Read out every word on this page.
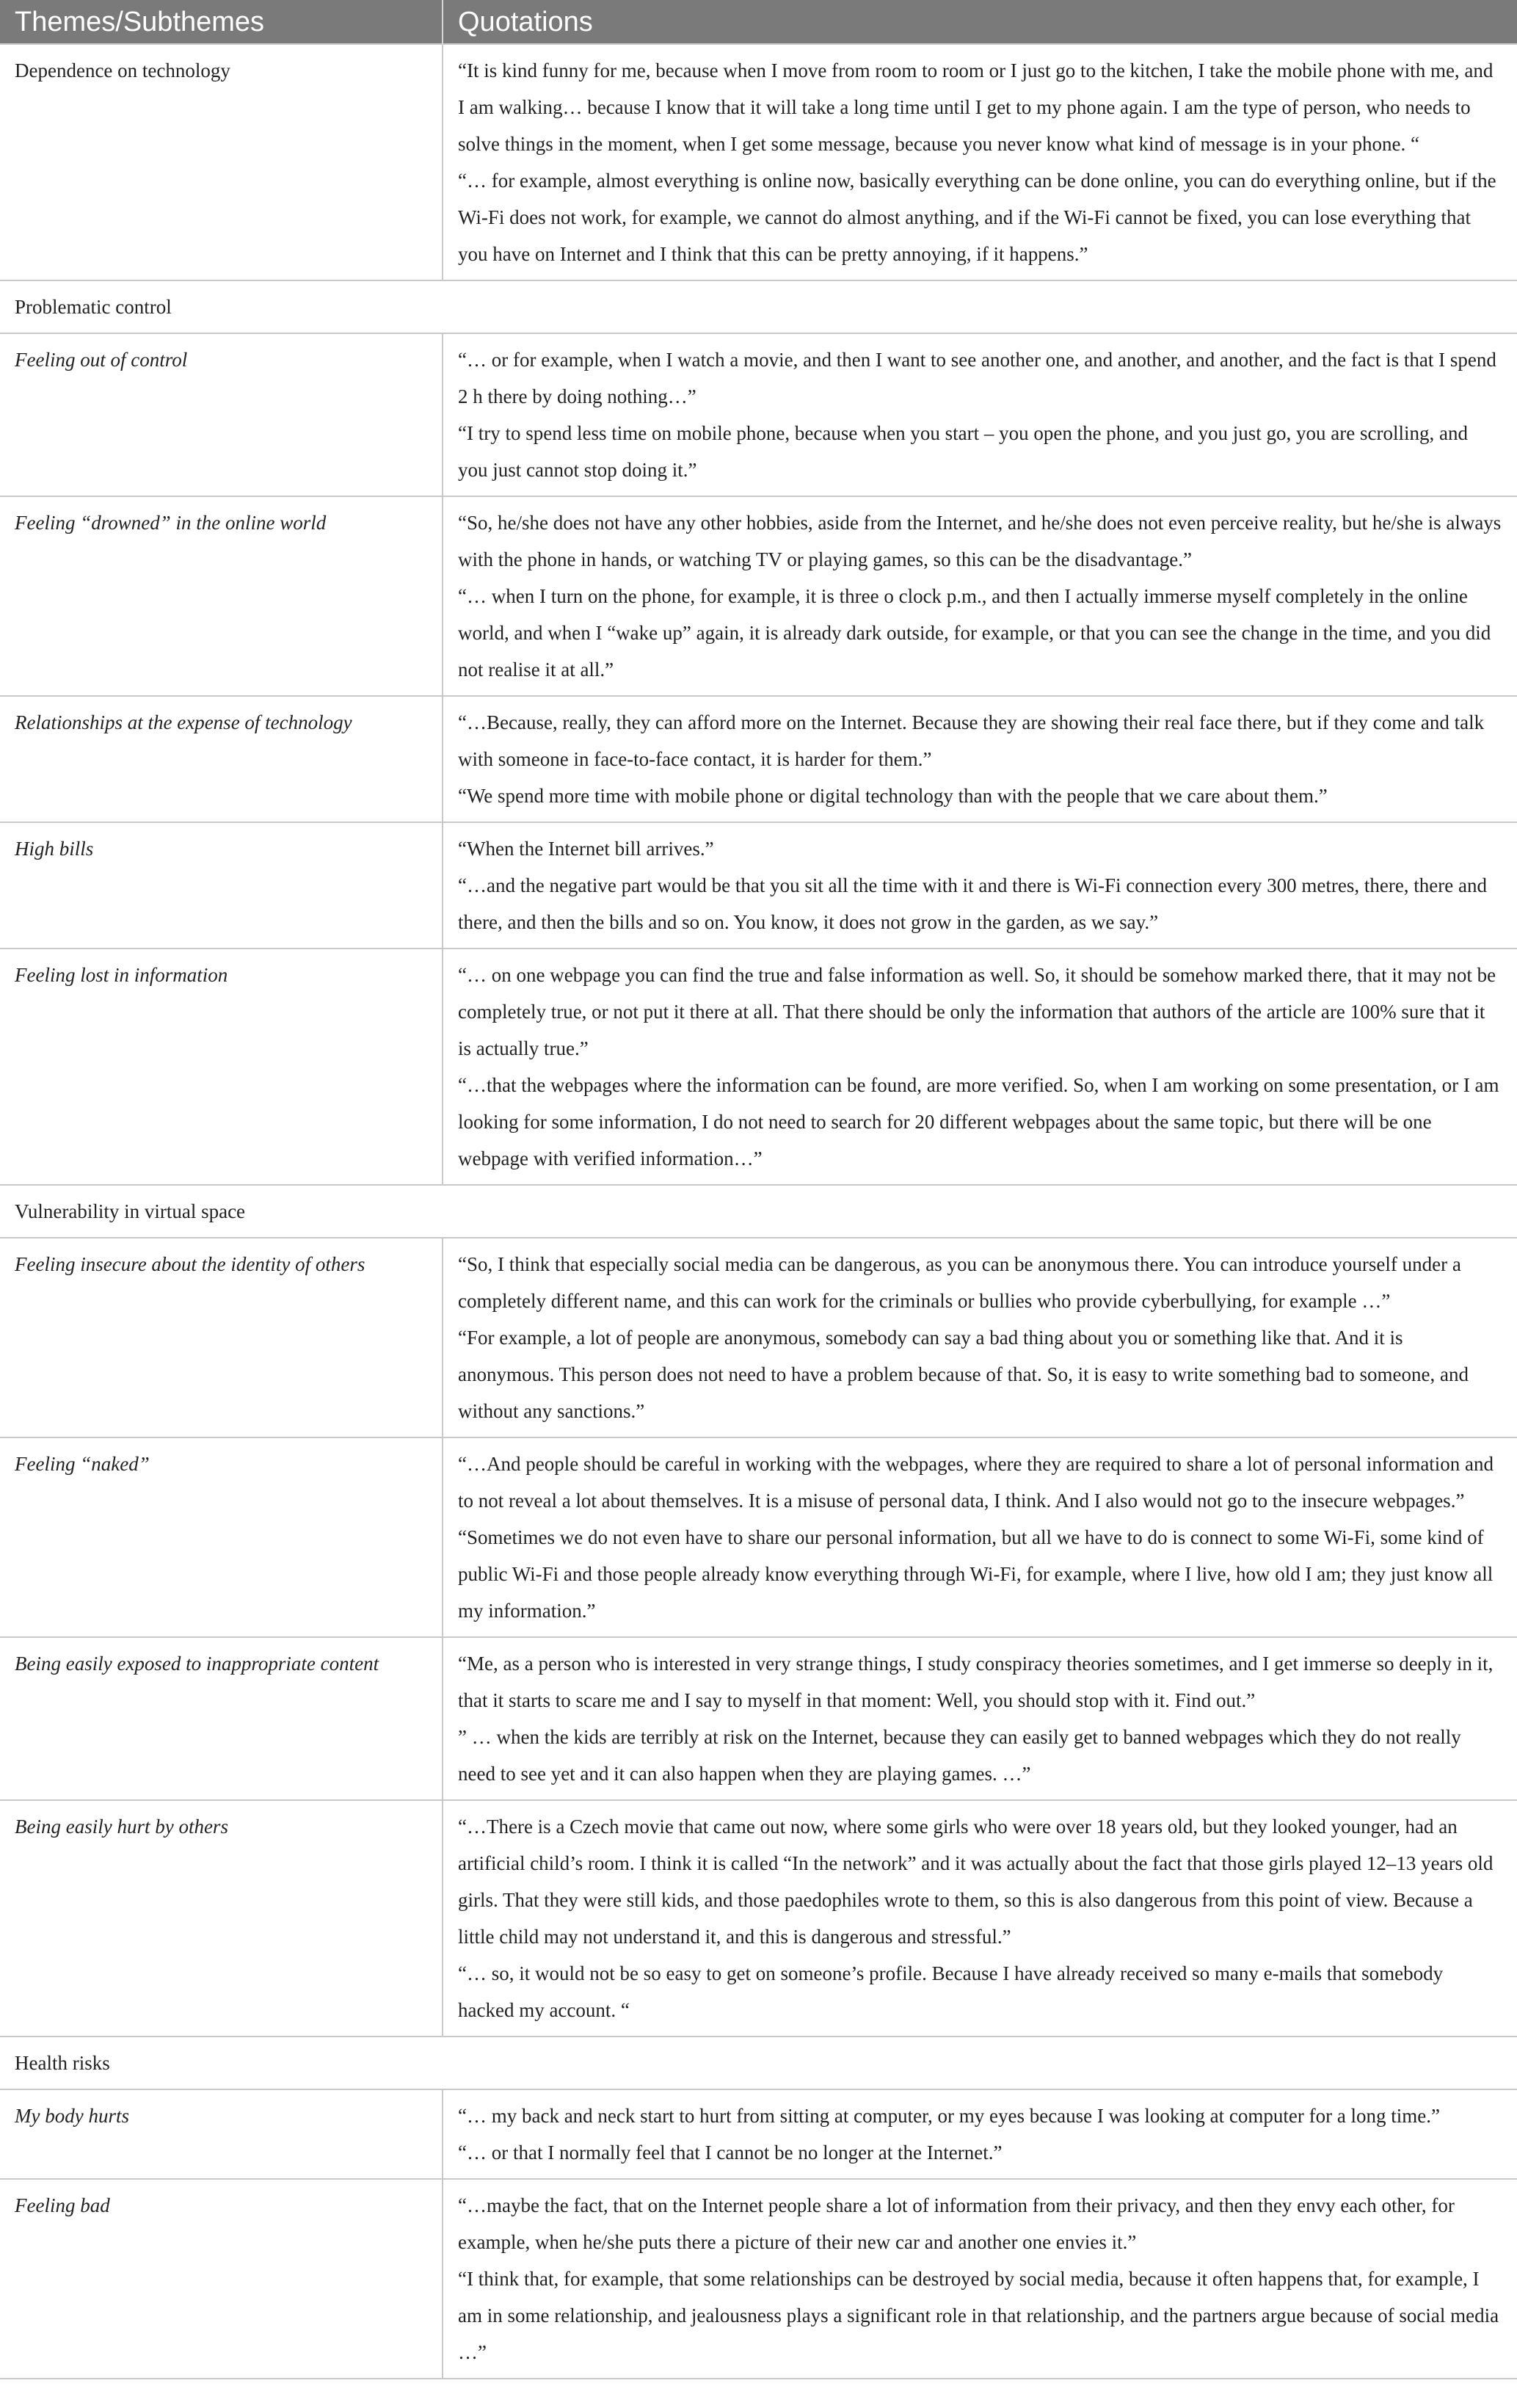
Themes/Subthemes	Quotations
Dependence on technology	“It is kind funny for me, because when I move from room to room or I just go to the kitchen, I take the mobile phone with me, and I am walking… because I know that it will take a long time until I get to my phone again. I am the type of person, who needs to solve things in the moment, when I get some message, because you never know what kind of message is in your phone. “
“… for example, almost everything is online now, basically everything can be done online, you can do everything online, but if the Wi-Fi does not work, for example, we cannot do almost anything, and if the Wi-Fi cannot be fixed, you can lose everything that you have on Internet and I think that this can be pretty annoying, if it happens.”

Problematic control	
Feeling out of control	“… or for example, when I watch a movie, and then I want to see another one, and another, and another, and the fact is that I spend 2 h there by doing nothing…”
“I try to spend less time on mobile phone, because when you start – you open the phone, and you just go, you are scrolling, and you just cannot stop doing it.”

Feeling “drowned” in the online world	“So, he/she does not have any other hobbies, aside from the Internet, and he/she does not even perceive reality, but he/she is always with the phone in hands, or watching TV or playing games, so this can be the disadvantage.”
“… when I turn on the phone, for example, it is three o clock p.m., and then I actually immerse myself completely in the online world, and when I “wake up” again, it is already dark outside, for example, or that you can see the change in the time, and you did not realise it at all.”

Relationships at the expense of technology	“…Because, really, they can afford more on the Internet. Because they are showing their real face there, but if they come and talk with someone in face-to-face contact, it is harder for them.”
“We spend more time with mobile phone or digital technology than with the people that we care about them.”

High bills	“When the Internet bill arrives.”
“…and the negative part would be that you sit all the time with it and there is Wi-Fi connection every 300 metres, there, there and there, and then the bills and so on. You know, it does not grow in the garden, as we say.”

Feeling lost in information	“… on one webpage you can find the true and false information as well. So, it should be somehow marked there, that it may not be completely true, or not put it there at all. That there should be only the information that authors of the article are 100% sure that it is actually true.”
“…that the webpages where the information can be found, are more verified. So, when I am working on some presentation, or I am looking for some information, I do not need to search for 20 different webpages about the same topic, but there will be one webpage with verified information…”

Vulnerability in virtual space	
Feeling insecure about the identity of others	“So, I think that especially social media can be dangerous, as you can be anonymous there. You can introduce yourself under a completely different name, and this can work for the criminals or bullies who provide cyberbullying, for example …”
“For example, a lot of people are anonymous, somebody can say a bad thing about you or something like that. And it is anonymous. This person does not need to have a problem because of that. So, it is easy to write something bad to someone, and without any sanctions.”

Feeling “naked”	“…And people should be careful in working with the webpages, where they are required to share a lot of personal information and to not reveal a lot about themselves. It is a misuse of personal data, I think. And I also would not go to the insecure webpages.”
“Sometimes we do not even have to share our personal information, but all we have to do is connect to some Wi-Fi, some kind of public Wi-Fi and those people already know everything through Wi-Fi, for example, where I live, how old I am; they just know all my information.”

Being easily exposed to inappropriate content	“Me, as a person who is interested in very strange things, I study conspiracy theories sometimes, and I get immerse so deeply in it, that it starts to scare me and I say to myself in that moment: Well, you should stop with it. Find out.”
” … when the kids are terribly at risk on the Internet, because they can easily get to banned webpages which they do not really need to see yet and it can also happen when they are playing games. …”

Being easily hurt by others	“…There is a Czech movie that came out now, where some girls who were over 18 years old, but they looked younger, had an artificial child’s room. I think it is called “In the network” and it was actually about the fact that those girls played 12–13 years old girls. That they were still kids, and those paedophiles wrote to them, so this is also dangerous from this point of view. Because a little child may not understand it, and this is dangerous and stressful.”
“… so, it would not be so easy to get on someone’s profile. Because I have already received so many e-mails that somebody hacked my account. “

Health risks	
My body hurts	“… my back and neck start to hurt from sitting at computer, or my eyes because I was looking at computer for a long time.”
“… or that I normally feel that I cannot be no longer at the Internet.”

Feeling bad	“…maybe the fact, that on the Internet people share a lot of information from their privacy, and then they envy each other, for example, when he/she puts there a picture of their new car and another one envies it.”
“I think that, for example, that some relationships can be destroyed by social media, because it often happens that, for example, I am in some relationship, and jealousness plays a significant role in that relationship, and the partners argue because of social media …”
